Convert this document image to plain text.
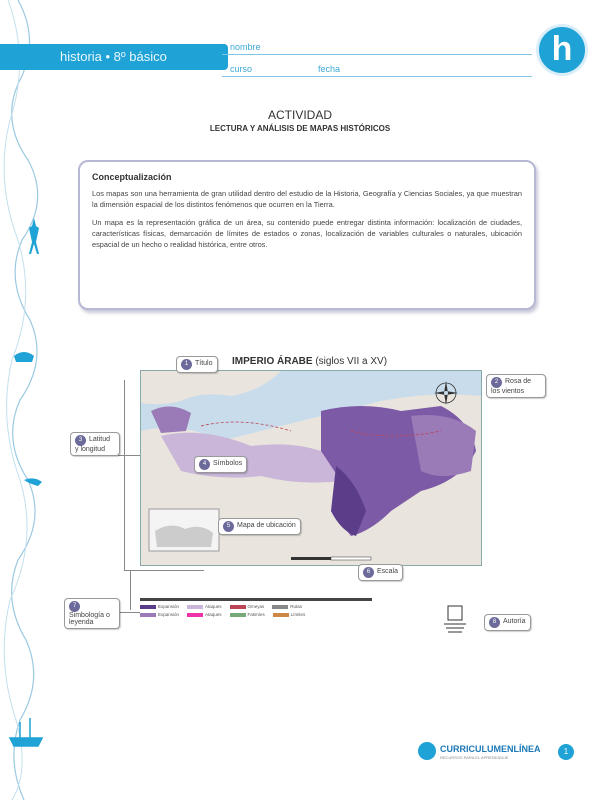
historia • 8º básico
nombre
curso	fecha
h
ACTIVIDAD
LECTURA Y ANÁLISIS DE MAPAS HISTÓRICOS
Conceptualización

Los mapas son una herramienta de gran utilidad dentro del estudio de la Historia, Geografía y Ciencias Sociales, ya que muestran la dimensión espacial de los distintos fenómenos que ocurren en la Tierra.

Un mapa es la representación gráfica de un área, su contenido puede entregar distinta información: localización de ciudades, características físicas, demarcación de límites de estados o zonas, localización de variables culturales o naturales, ubicación espacial de un hecho o realidad histórica, entre otros.

IMPERIO ÁRABE (siglos VII a XV)
1 Título
2 Rosa de los vientos
3 Latitud y longitud
4 Símbolos
5 Mapa de ubicación
6 Escala
7Simbología o leyenda	8 Autoría
Expansión	Ataques	Omeyas	Rutas
Expansión	Ataques	Fatimíes	Límites
CURRICULUMENLÍNEA
RECURSOS PARA EL APRENDIZAJE
1
